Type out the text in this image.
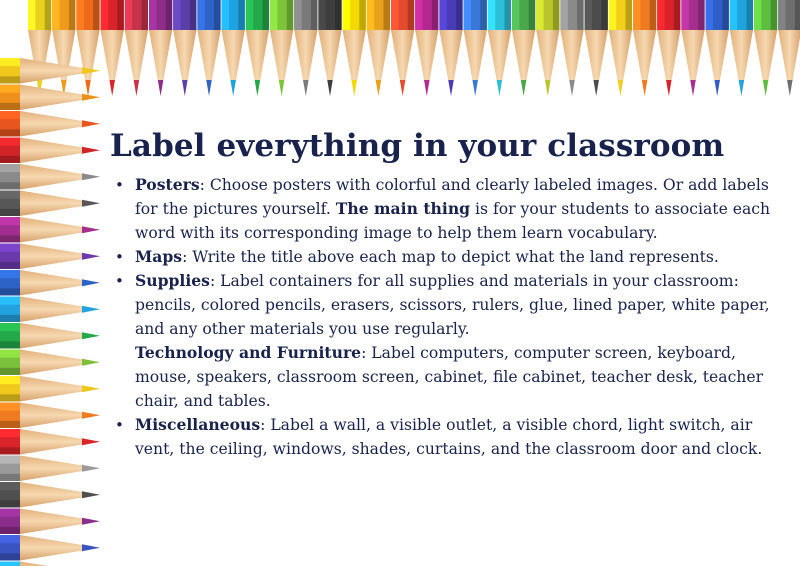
Label everything in your classroom
• Posters: Choose posters with colorful and clearly labeled images. Or add labels for the pictures yourself. The main thing is for your students to associate each word with its corresponding image to help them learn vocabulary.
• Maps: Write the title above each map to depict what the land represents.
• Supplies: Label containers for all supplies and materials in your classroom: pencils, colored pencils, erasers, scissors, rulers, glue, lined paper, white paper, and any other materials you use regularly.
Technology and Furniture: Label computers, computer screen, keyboard, mouse, speakers, classroom screen, cabinet, file cabinet, teacher desk, teacher chair, and tables.
• Miscellaneous: Label a wall, a visible outlet, a visible chord, light switch, air vent, the ceiling, windows, shades, curtains, and the classroom door and clock.
